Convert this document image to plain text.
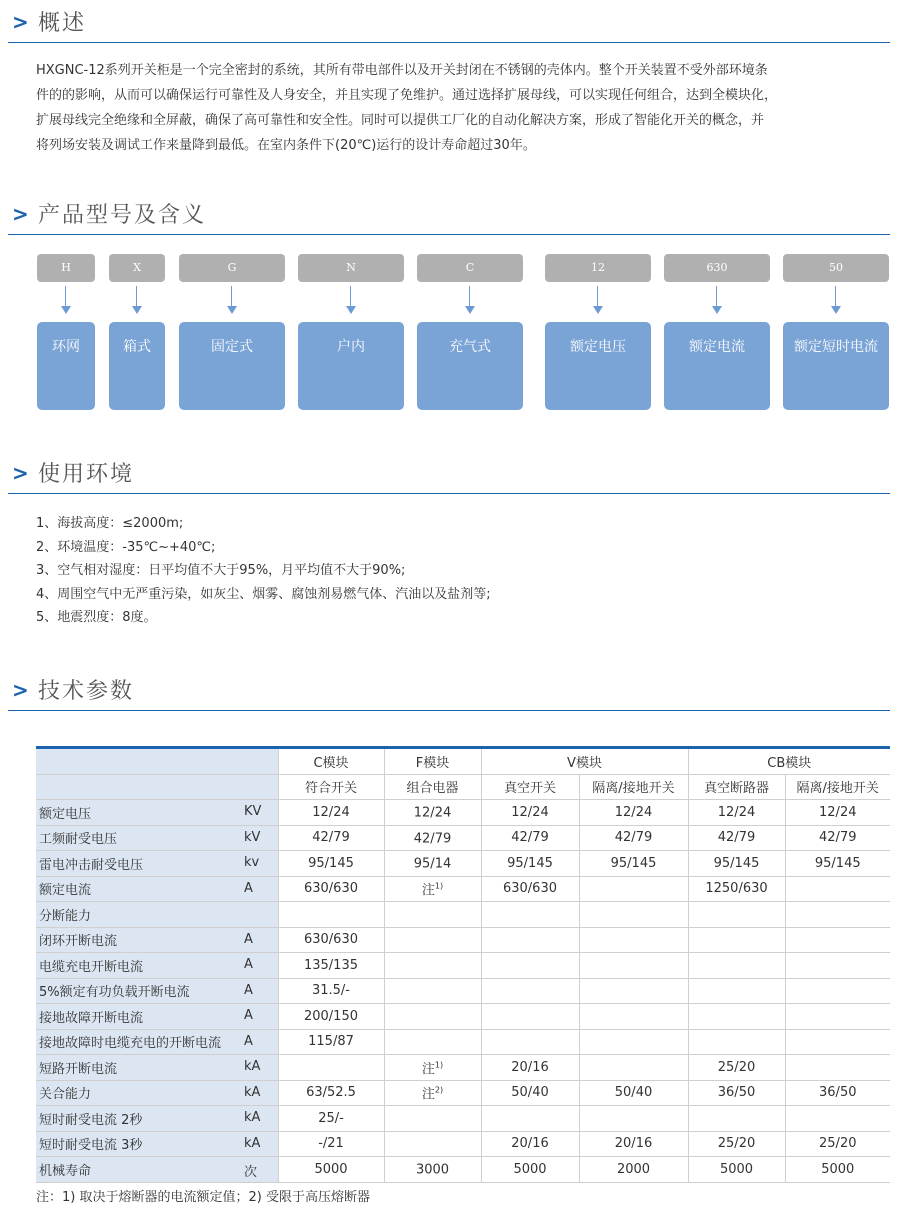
> 概述
HXGNC-12系列开关柜是一个完全密封的系统，其所有带电部件以及开关封闭在不锈钢的壳体内。整个开关装置不受外部环境条
件的的影响，从而可以确保运行可靠性及人身安全，并且实现了免维护。通过选择扩展母线，可以实现任何组合，达到全模块化，
扩展母线完全绝缘和全屏蔽，确保了高可靠性和安全性。同时可以提供工厂化的自动化解决方案，形成了智能化开关的概念，并
将列场安装及调试工作来量降到最低。在室内条件下(20℃)运行的设计寿命超过30年。
> 产品型号及含义
H	X	G	N	C	12	630	50
环网	箱式	固定式	户内	充气式	额定电压	额定电流	额定短时电流
> 使用环境
1、海拔高度：≤2000m;
2、环境温度：-35℃~+40℃;
3、空气相对湿度：日平均值不大于95%，月平均值不大于90%;
4、周围空气中无严重污染，如灰尘、烟雾、腐蚀剂易燃气体、汽油以及盐剂等;
5、地震烈度：8度。
> 技术参数
	C模块	F模块	V模块		CB模块	
	符合开关	组合电器	真空开关	隔离/接地开关	真空断路器	隔离/接地开关
额定电压 KV	12/24	12/24	12/24	12/24	12/24	12/24
工频耐受电压 kV	42/79	42/79	42/79	42/79	42/79	42/79
雷电冲击耐受电压 kv	95/145	95/14	95/145	95/145	95/145	95/145
额定电流 A	630/630	注$^{1)}$	630/630		1250/630	
分断能力

闭环开断电流 A	630/630					
电缆充电开断电流 A	135/135					
5%额定有功负载开断电流 A	31.5/-					
接地故障开断电流 A	200/150					
接地故障时电缆充电的开断电流 A	115/87					
短路开断电流 kA		注$^{1)}$	20/16		25/20	
关合能力 kA	63/52.5	注$^{2)}$	50/40	50/40	36/50	36/50
短时耐受电流 2秒 kA	25/-					
短时耐受电流 3秒 kA	-/21		20/16	20/16	25/20	25/20
机械寿命 次	5000	3000	5000	2000	5000	5000
注：1) 取决于熔断器的电流额定值；2) 受限于高压熔断器
